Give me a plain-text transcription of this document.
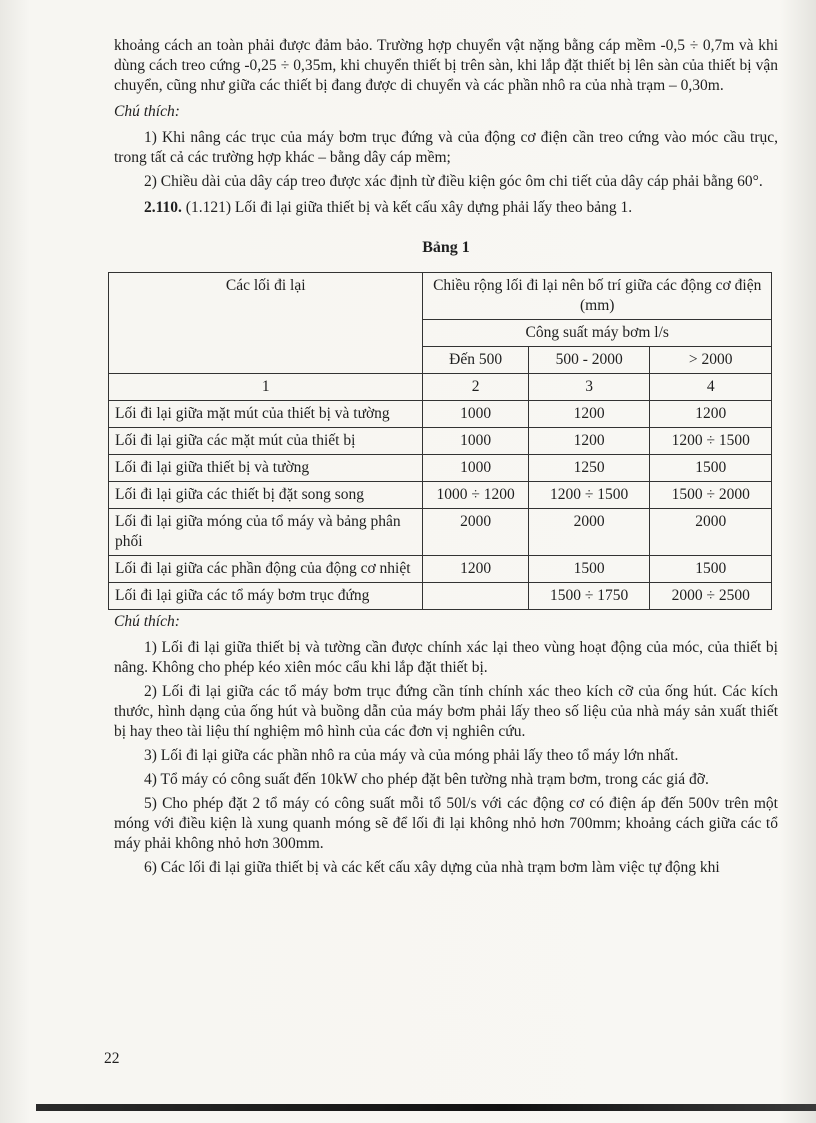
khoảng cách an toàn phải được đảm bảo. Trường hợp chuyển vật nặng bằng cáp mềm -0,5 ÷ 0,7m và khi dùng cách treo cứng -0,25 ÷ 0,35m, khi chuyển thiết bị trên sàn, khi lắp đặt thiết bị lên sàn của thiết bị vận chuyển, cũng như giữa các thiết bị đang được di chuyển và các phần nhô ra của nhà trạm – 0,30m.

Chú thích:

1) Khi nâng các trục của máy bơm trục đứng và của động cơ điện cần treo cứng vào móc cầu trục, trong tất cả các trường hợp khác – bằng dây cáp mềm;

2) Chiều dài của dây cáp treo được xác định từ điều kiện góc ôm chi tiết của dây cáp phải bằng 60°.

2.110. (1.121) Lối đi lại giữa thiết bị và kết cấu xây dựng phải lấy theo bảng 1.

Bảng 1
Các lối đi lại	Chiều rộng lối đi lại nên bố trí giữa các động cơ điện (mm)		
	Công suất máy bơm l/s		
	Đến 500	500 - 2000	> 2000
1	2	3	4
Lối đi lại giữa mặt mút của thiết bị và tường	1000	1200	1200
Lối đi lại giữa các mặt mút của thiết bị	1000	1200	1200 ÷ 1500
Lối đi lại giữa thiết bị và tường	1000	1250	1500
Lối đi lại giữa các thiết bị đặt song song	1000 ÷ 1200	1200 ÷ 1500	1500 ÷ 2000
Lối đi lại giữa móng của tổ máy và bảng phân phối	2000	2000	2000
Lối đi lại giữa các phần động của động cơ nhiệt	1200	1500	1500
Lối đi lại giữa các tổ máy bơm trục đứng		1500 ÷ 1750	2000 ÷ 2500

Chú thích:

1) Lối đi lại giữa thiết bị và tường cần được chính xác lại theo vùng hoạt động của móc, của thiết bị nâng. Không cho phép kéo xiên móc cẩu khi lắp đặt thiết bị.

2) Lối đi lại giữa các tổ máy bơm trục đứng cần tính chính xác theo kích cỡ của ống hút. Các kích thước, hình dạng của ống hút và buồng dẫn của máy bơm phải lấy theo số liệu của nhà máy sản xuất thiết bị hay theo tài liệu thí nghiệm mô hình của các đơn vị nghiên cứu.

3) Lối đi lại giữa các phần nhô ra của máy và của móng phải lấy theo tổ máy lớn nhất.

4) Tổ máy có công suất đến 10kW cho phép đặt bên tường nhà trạm bơm, trong các giá đỡ.

5) Cho phép đặt 2 tổ máy có công suất mỗi tổ 50l/s với các động cơ có điện áp đến 500v trên một móng với điều kiện là xung quanh móng sẽ để lối đi lại không nhỏ hơn 700mm; khoảng cách giữa các tổ máy phải không nhỏ hơn 300mm.

6) Các lối đi lại giữa thiết bị và các kết cấu xây dựng của nhà trạm bơm làm việc tự động khi

22
